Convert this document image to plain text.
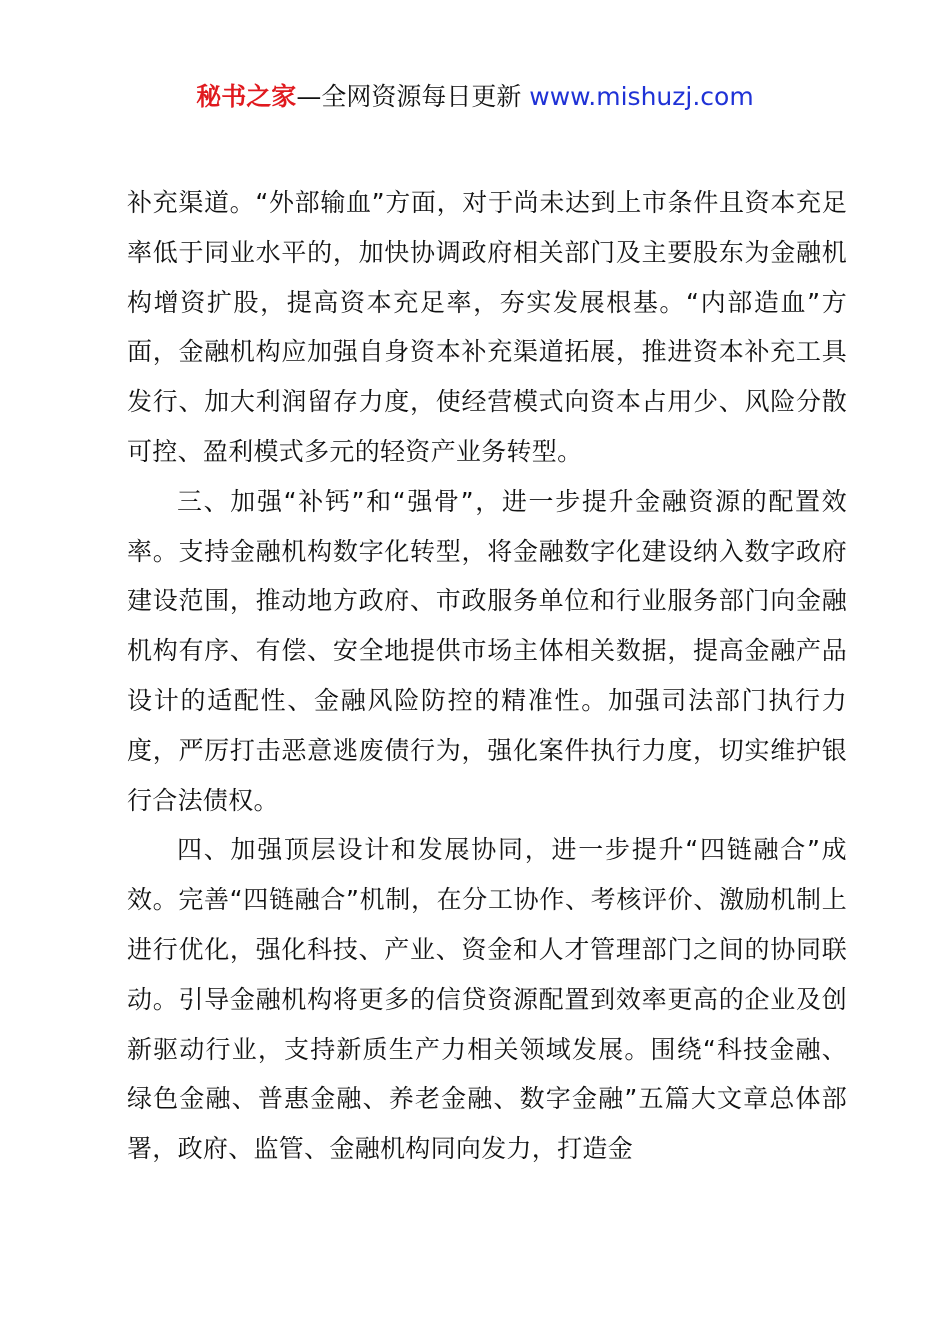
秘书之家—全网资源每日更新 www.mishuzj.com

补充渠道。“外部输血”方面，对于尚未达到上市条件且资本充足率低于同业水平的，加快协调政府相关部门及主要股东为金融机构增资扩股，提高资本充足率，夯实发展根基。“内部造血”方面，金融机构应加强自身资本补充渠道拓展，推进资本补充工具发行、加大利润留存力度，使经营模式向资本占用少、风险分散可控、盈利模式多元的轻资产业务转型。

三、加强“补钙”和“强骨”，进一步提升金融资源的配置效率。支持金融机构数字化转型，将金融数字化建设纳入数字政府建设范围，推动地方政府、市政服务单位和行业服务部门向金融机构有序、有偿、安全地提供市场主体相关数据，提高金融产品设计的适配性、金融风险防控的精准性。加强司法部门执行力度，严厉打击恶意逃废债行为，强化案件执行力度，切实维护银行合法债权。

四、加强顶层设计和发展协同，进一步提升“四链融合”成效。完善“四链融合”机制，在分工协作、考核评价、激励机制上进行优化，强化科技、产业、资金和人才管理部门之间的协同联动。引导金融机构将更多的信贷资源配置到效率更高的企业及创新驱动行业，支持新质生产力相关领域发展。围绕“科技金融、绿色金融、普惠金融、养老金融、数字金融”五篇大文章总体部署，政府、监管、金融机构同向发力，打造金
